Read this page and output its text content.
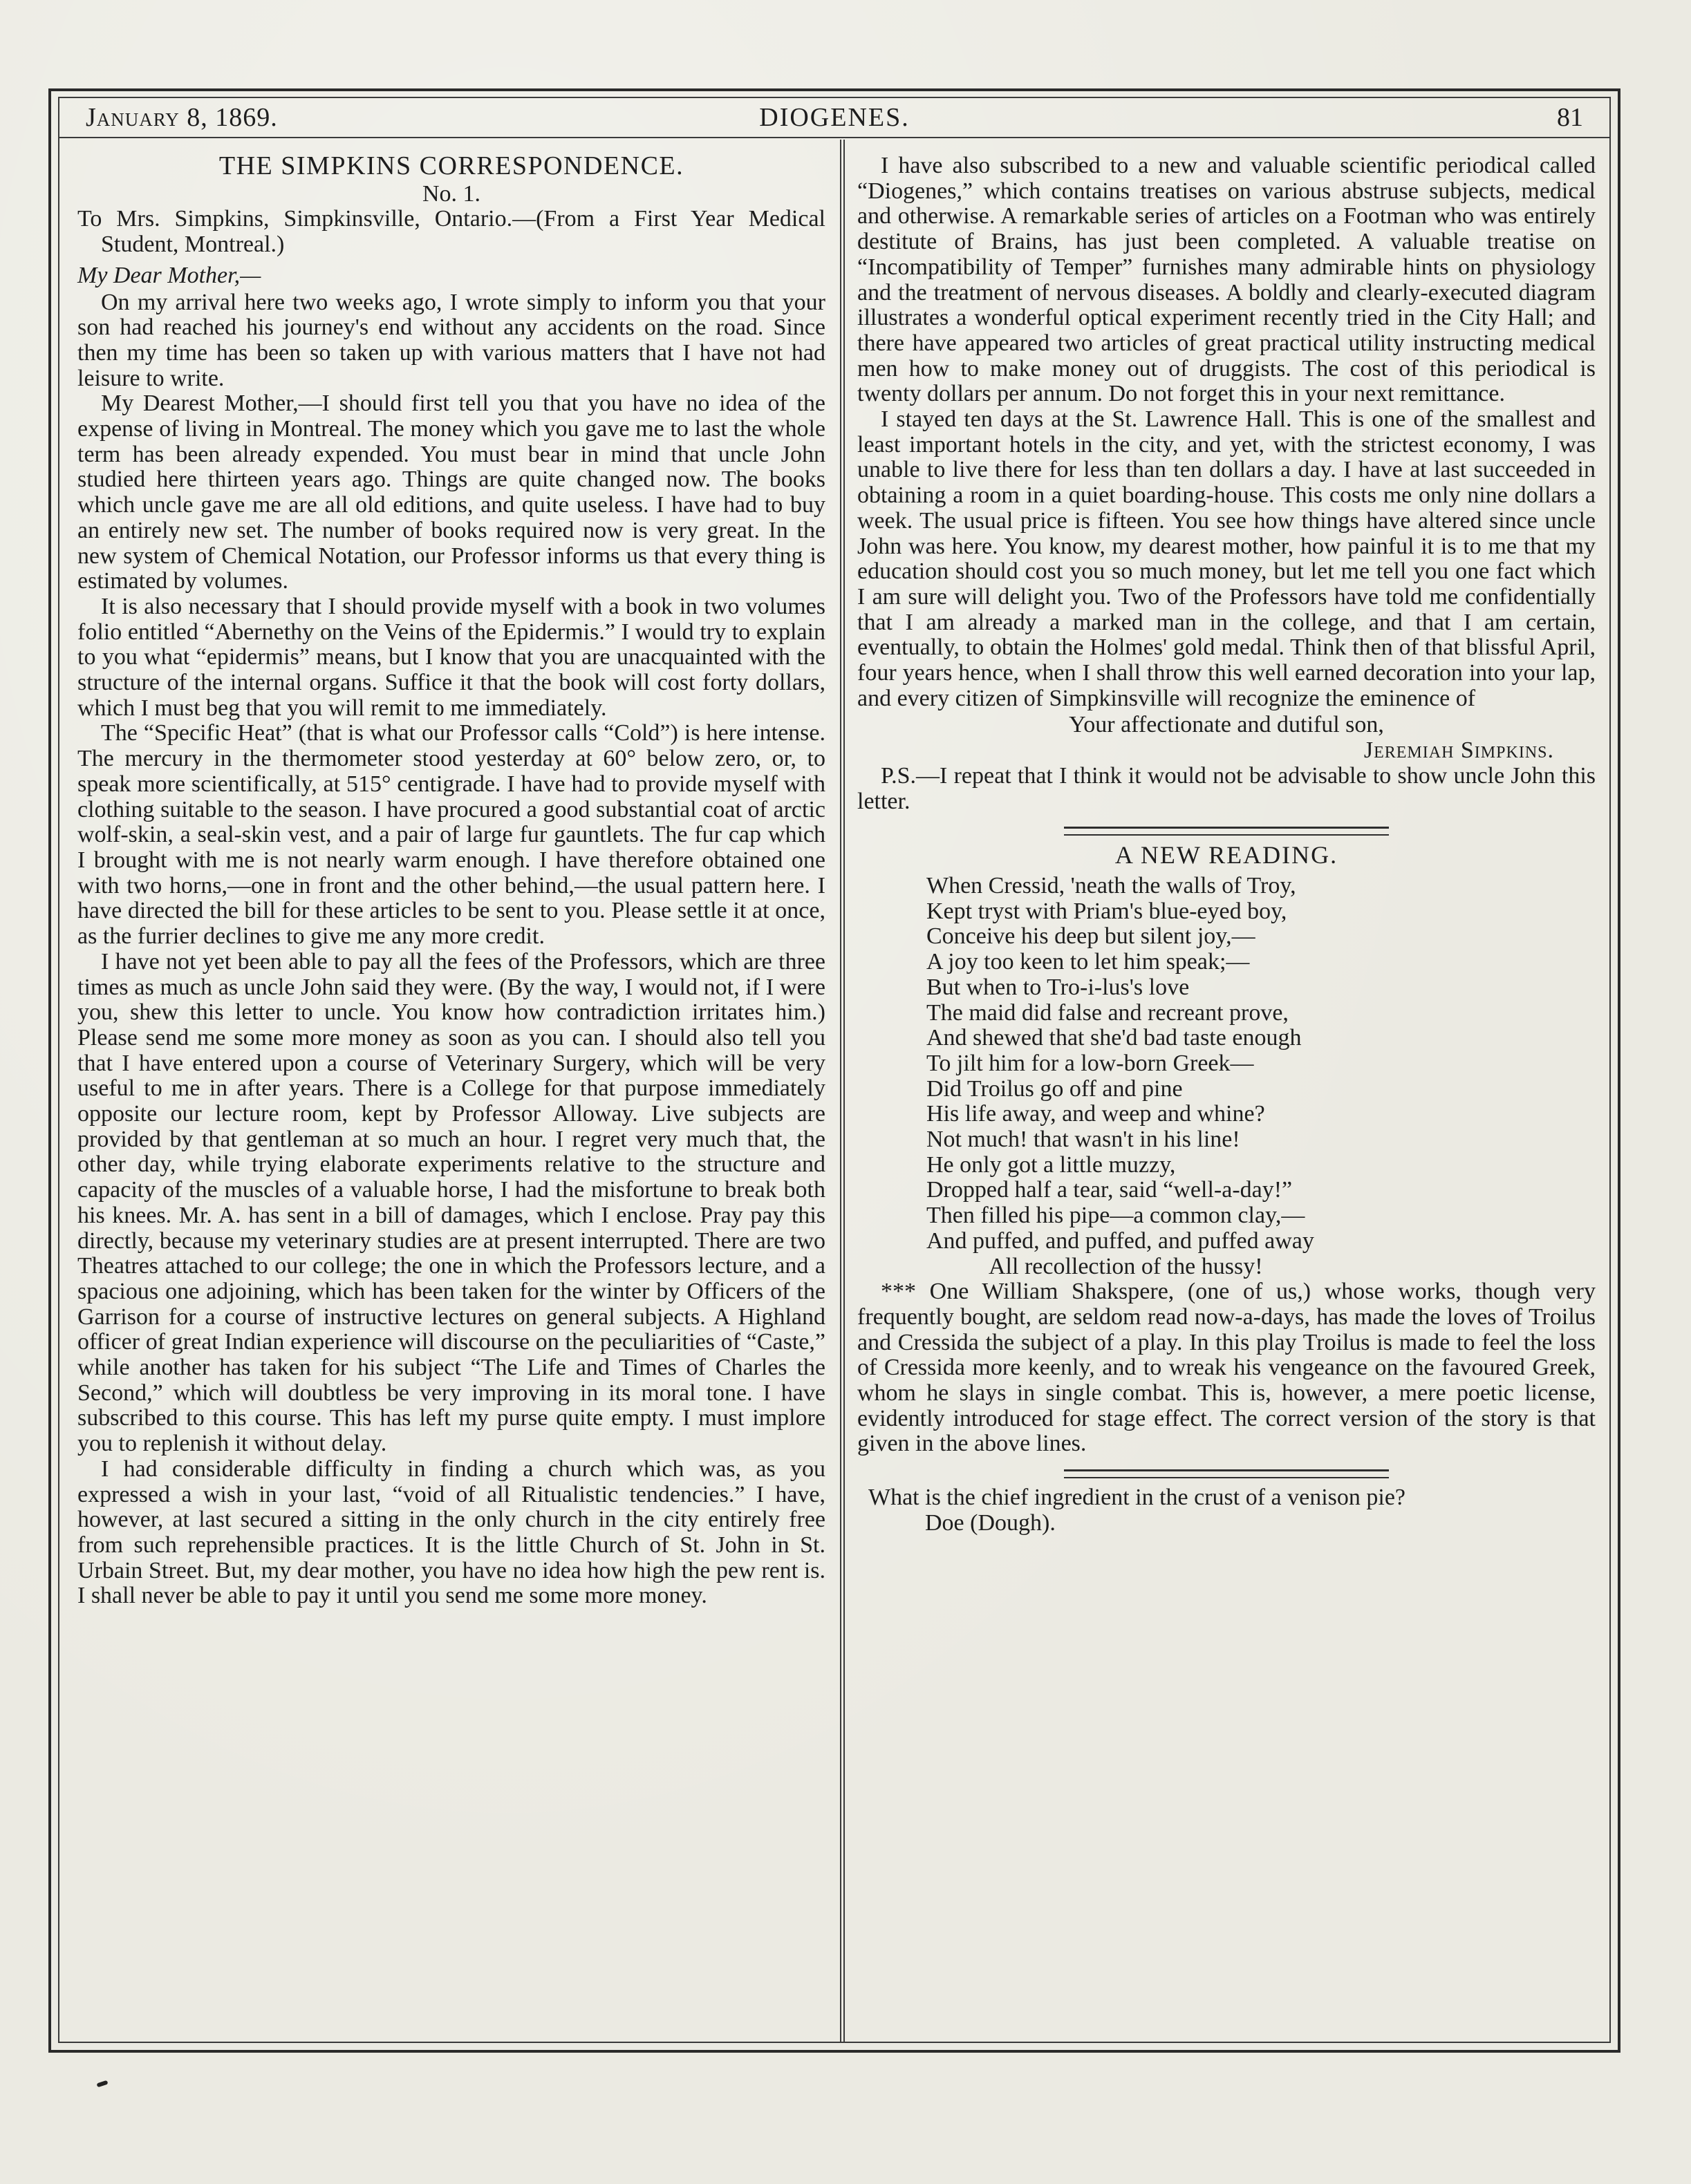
January 8, 1869.	DIOGENES.	81
THE SIMPKINS CORRESPONDENCE.
No. 1.

To Mrs. Simpkins, Simpkinsville, Ontario.—(From a First Year Medical Student, Montreal.)

My Dear Mother,—

On my arrival here two weeks ago, I wrote simply to inform you that your son had reached his journey's end without any accidents on the road. Since then my time has been so taken up with various matters that I have not had leisure to write.

My Dearest Mother,—I should first tell you that you have no idea of the expense of living in Montreal. The money which you gave me to last the whole term has been already expended. You must bear in mind that uncle John studied here thirteen years ago. Things are quite changed now. The books which uncle gave me are all old editions, and quite useless. I have had to buy an entirely new set. The number of books required now is very great. In the new system of Chemical Notation, our Professor informs us that every thing is estimated by volumes.

It is also necessary that I should provide myself with a book in two volumes folio entitled “Abernethy on the Veins of the Epidermis.” I would try to explain to you what “epidermis” means, but I know that you are unacquainted with the structure of the internal organs. Suffice it that the book will cost forty dollars, which I must beg that you will remit to me immediately.

The “Specific Heat” (that is what our Professor calls “Cold”) is here intense. The mercury in the thermometer stood yesterday at 60° below zero, or, to speak more scientifically, at 515° centigrade. I have had to provide myself with clothing suitable to the season. I have procured a good substantial coat of arctic wolf-skin, a seal-skin vest, and a pair of large fur gauntlets. The fur cap which I brought with me is not nearly warm enough. I have therefore obtained one with two horns,—one in front and the other behind,—the usual pattern here. I have directed the bill for these articles to be sent to you. Please settle it at once, as the furrier declines to give me any more credit.

I have not yet been able to pay all the fees of the Professors, which are three times as much as uncle John said they were. (By the way, I would not, if I were you, shew this letter to uncle. You know how contradiction irritates him.) Please send me some more money as soon as you can. I should also tell you that I have entered upon a course of Veterinary Surgery, which will be very useful to me in after years. There is a College for that purpose immediately opposite our lecture room, kept by Professor Alloway. Live subjects are provided by that gentleman at so much an hour. I regret very much that, the other day, while trying elaborate experiments relative to the structure and capacity of the muscles of a valuable horse, I had the misfortune to break both his knees. Mr. A. has sent in a bill of damages, which I enclose. Pray pay this directly, because my veterinary studies are at present interrupted. There are two Theatres attached to our college; the one in which the Professors lecture, and a spacious one adjoining, which has been taken for the winter by Officers of the Garrison for a course of instructive lectures on general subjects. A Highland officer of great Indian experience will discourse on the peculiarities of “Caste,” while another has taken for his subject “The Life and Times of Charles the Second,” which will doubtless be very improving in its moral tone. I have subscribed to this course. This has left my purse quite empty. I must implore you to replenish it without delay.

I had considerable difficulty in finding a church which was, as you expressed a wish in your last, “void of all Ritualistic tendencies.” I have, however, at last secured a sitting in the only church in the city entirely free from such reprehensible practices. It is the little Church of St. John in St. Urbain Street. But, my dear mother, you have no idea how high the pew rent is. I shall never be able to pay it until you send me some more money.

I have also subscribed to a new and valuable scientific periodical called “Diogenes,” which contains treatises on various abstruse subjects, medical and otherwise. A remarkable series of articles on a Footman who was entirely destitute of Brains, has just been completed. A valuable treatise on “Incompatibility of Temper” furnishes many admirable hints on physiology and the treatment of nervous diseases. A boldly and clearly-executed diagram illustrates a wonderful optical experiment recently tried in the City Hall; and there have appeared two articles of great practical utility instructing medical men how to make money out of druggists. The cost of this periodical is twenty dollars per annum. Do not forget this in your next remittance.

I stayed ten days at the St. Lawrence Hall. This is one of the smallest and least important hotels in the city, and yet, with the strictest economy, I was unable to live there for less than ten dollars a day. I have at last succeeded in obtaining a room in a quiet boarding-house. This costs me only nine dollars a week. The usual price is fifteen. You see how things have altered since uncle John was here. You know, my dearest mother, how painful it is to me that my education should cost you so much money, but let me tell you one fact which I am sure will delight you. Two of the Professors have told me confidentially that I am already a marked man in the college, and that I am certain, eventually, to obtain the Holmes' gold medal. Think then of that blissful April, four years hence, when I shall throw this well earned decoration into your lap, and every citizen of Simpkinsville will recognize the eminence of

Your affectionate and dutiful son,
Jeremiah Simpkins.

P.S.—I repeat that I think it would not be advisable to show uncle John this letter.

A NEW READING.
When Cressid, 'neath the walls of Troy,
Kept tryst with Priam's blue-eyed boy,
Conceive his deep but silent joy,—
A joy too keen to let him speak;—
But when to Tro-i-lus's love
The maid did false and recreant prove,
And shewed that she'd bad taste enough
To jilt him for a low-born Greek—
Did Troilus go off and pine
His life away, and weep and whine?
Not much! that wasn't in his line!
He only got a little muzzy,
Dropped half a tear, said “well-a-day!”
Then filled his pipe—a common clay,—
And puffed, and puffed, and puffed away
All recollection of the hussy!

*** One William Shakspere, (one of us,) whose works, though very frequently bought, are seldom read now-a-days, has made the loves of Troilus and Cressida the subject of a play. In this play Troilus is made to feel the loss of Cressida more keenly, and to wreak his vengeance on the favoured Greek, whom he slays in single combat. This is, however, a mere poetic license, evidently introduced for stage effect. The correct version of the story is that given in the above lines.

What is the chief ingredient in the crust of a venison pie?
Doe (Dough).
